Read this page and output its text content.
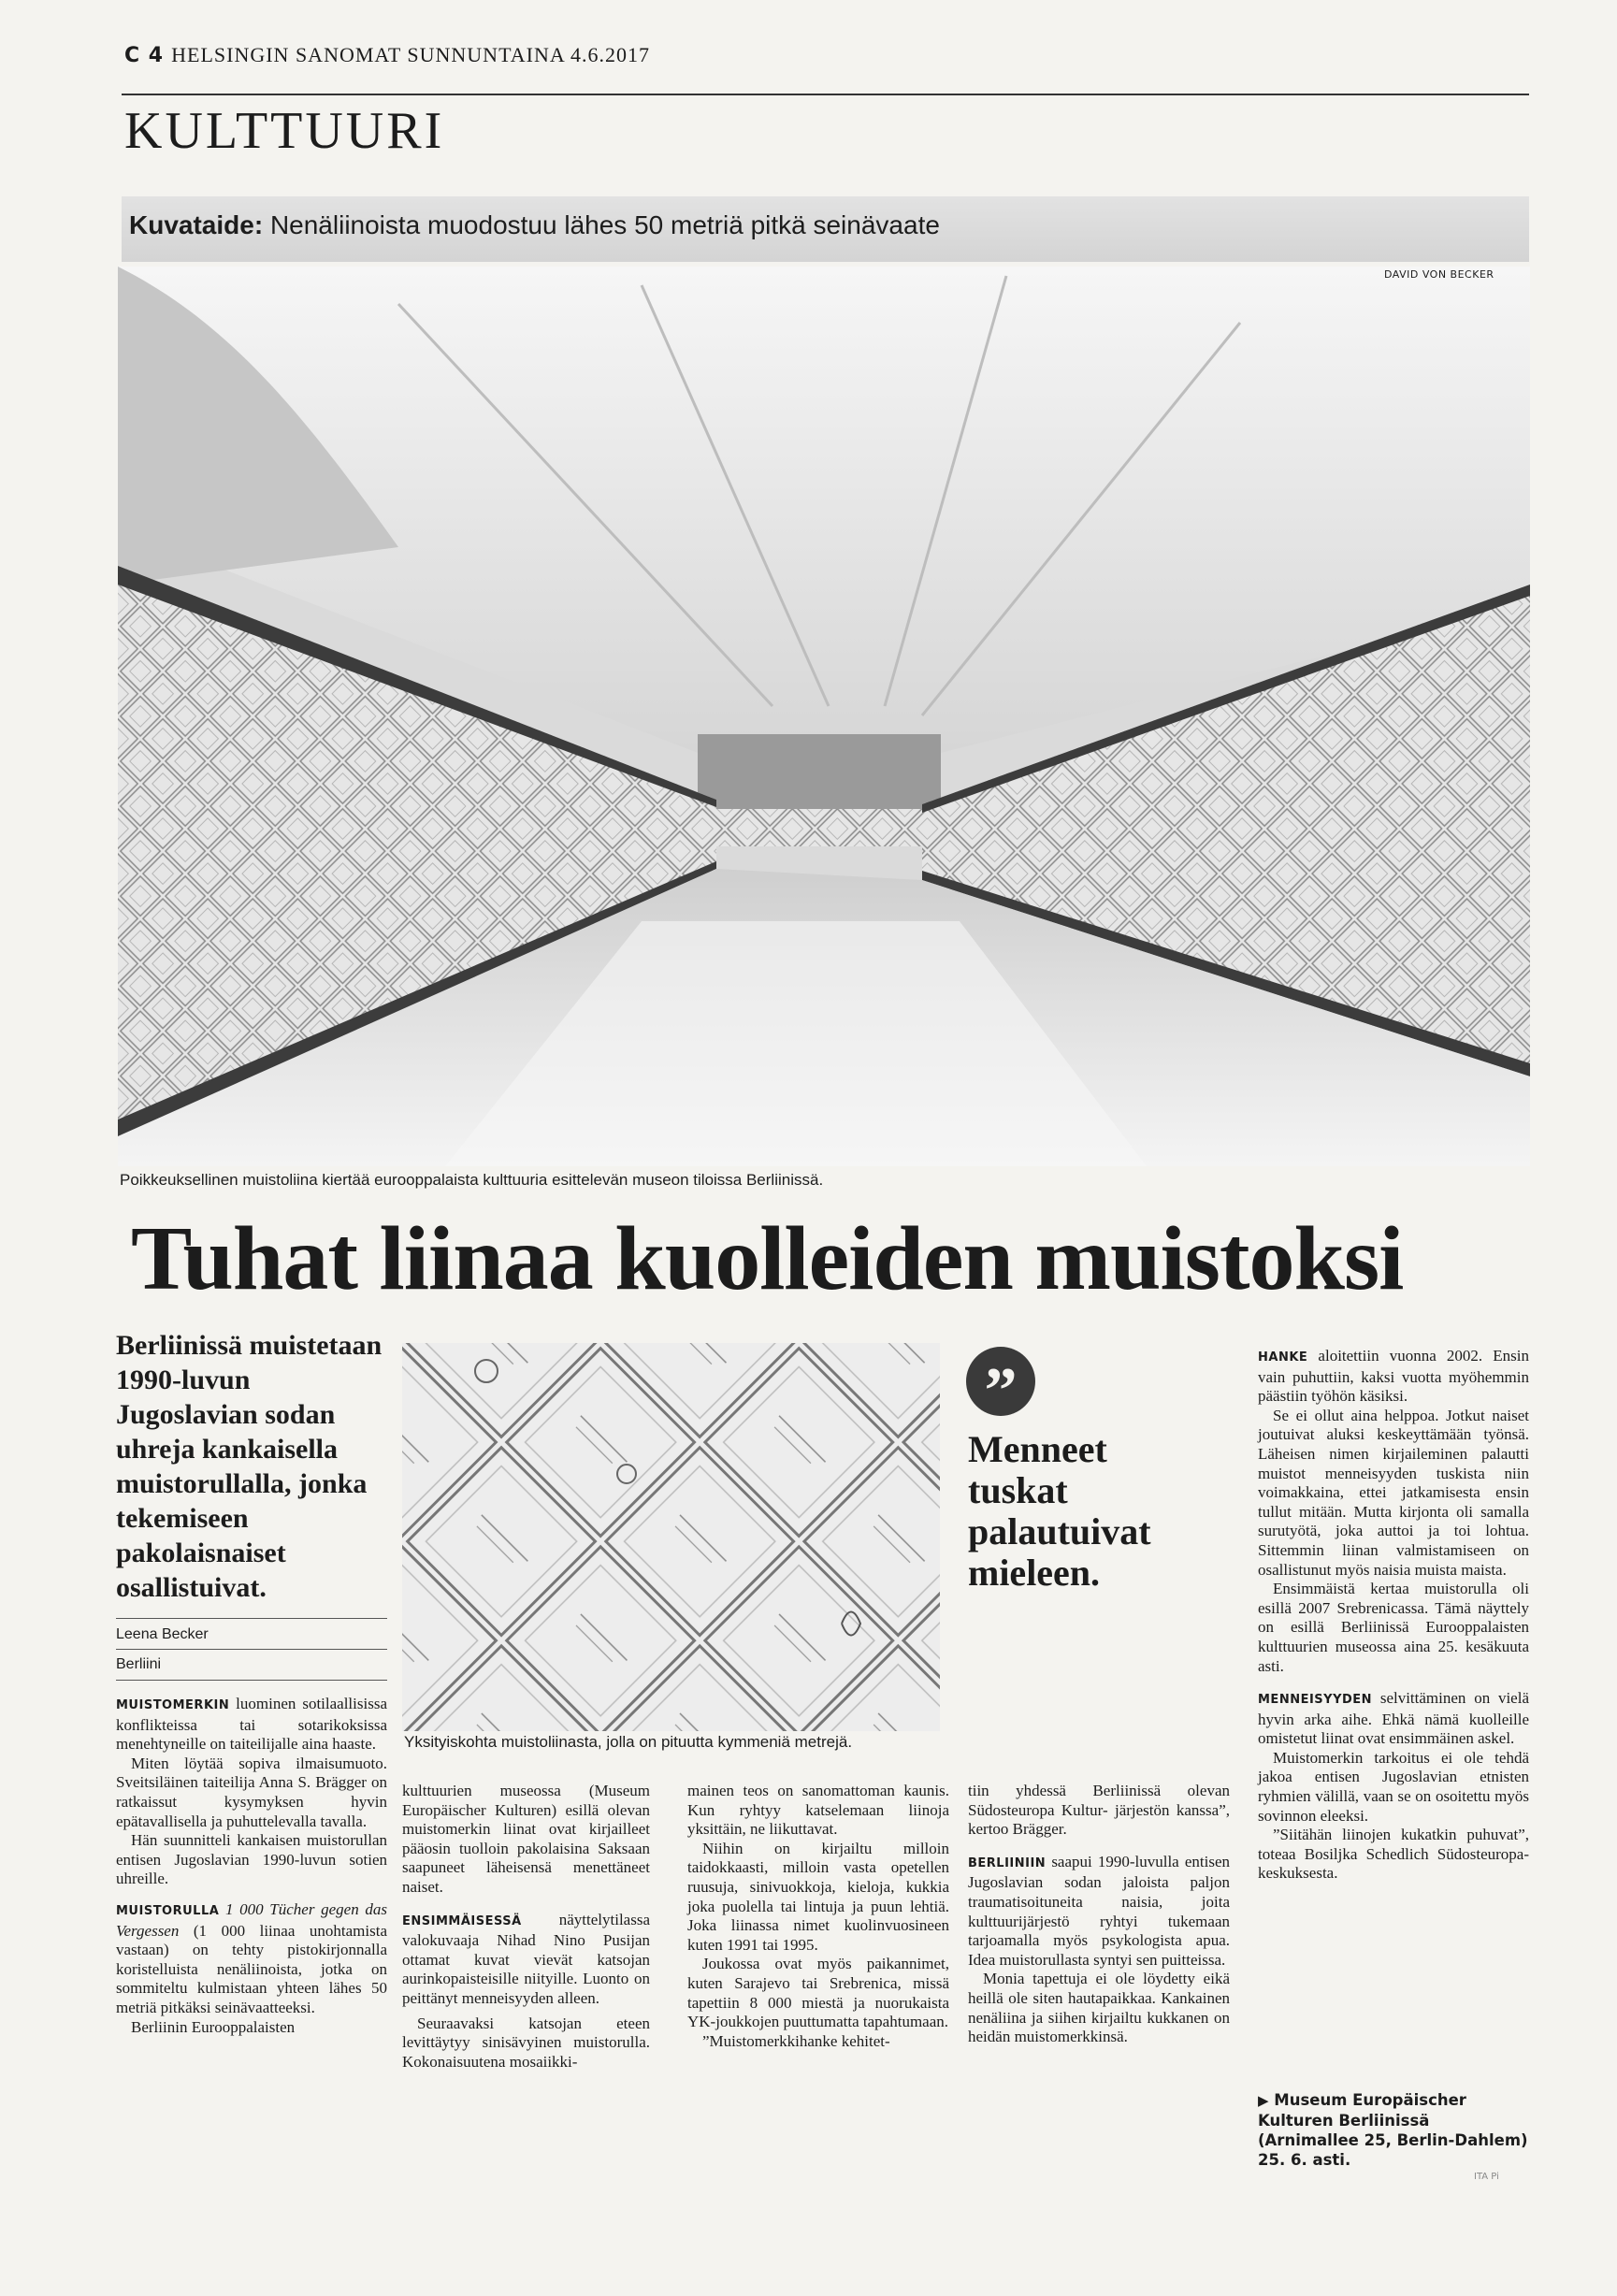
C 4 HELSINGIN SANOMAT SUNNUNTAINA 4.6.2017
KULTTUURI
Kuvataide: Nenäliinoista muodostuu lähes 50 metriä pitkä seinävaate
DAVID VON BECKER
Poikkeuksellinen muistoliina kiertää eurooppalaista kulttuuria esittelevän museon tiloissa Berliinissä.
Tuhat liinaa kuolleiden muistoksi
Berliinissä muistetaan 1990-luvun Jugoslavian sodan uhreja kankaisella muistorullalla, jonka tekemiseen pakolaisnaiset osallistuivat.
Leena Becker
Berliini

MUISTOMERKIN luominen sotilaallisissa konflikteissa tai sotarikoksissa menehtyneille on taiteilijalle aina haaste.

Miten löytää sopiva ilmaisumuoto. Sveitsiläinen taiteilija Anna S. Brägger on ratkaissut kysymyksen hyvin epätavallisella ja puhuttelevalla tavalla.

Hän suunnitteli kankaisen muistorullan entisen Jugoslavian 1990-luvun sotien uhreille.

MUISTORULLA 1 000 Tücher gegen das Vergessen (1 000 liinaa unohtamista vastaan) on tehty pistokirjonnalla koristelluista nenäliinoista, jotka on sommiteltu kulmistaan yhteen lähes 50 metriä pitkäksi seinävaatteeksi.

Berliinin Eurooppalaisten

Yksityiskohta muistoliinasta, jolla on pituutta kymmeniä metrejä.
”
Menneet tuskat palautuivat mieleen.

kulttuurien museossa (Museum Europäischer Kulturen) esillä olevan muistomerkin liinat ovat kirjailleet pääosin tuolloin pakolaisina Saksaan saapuneet läheisensä menettäneet naiset.

ENSIMMÄISESSÄ näyttelytilassa valokuvaaja Nihad Nino Pusijan ottamat kuvat vievät katsojan aurinkopaisteisille niityille. Luonto on peittänyt menneisyyden alleen.

Seuraavaksi katsojan eteen levittäytyy sinisävyinen muistorulla. Kokonaisuutena mosaiikki-

mainen teos on sanomattoman kaunis. Kun ryhtyy katselemaan liinoja yksittäin, ne liikuttavat.

Niihin on kirjailtu milloin taidokkaasti, milloin vasta opetellen ruusuja, sinivuokkoja, kieloja, kukkia joka puolella tai lintuja ja puun lehtiä. Joka liinassa nimet kuolinvuosineen kuten 1991 tai 1995.

Joukossa ovat myös paikannimet, kuten Sarajevo tai Srebrenica, missä tapettiin 8 000 miestä ja nuorukaista YK-joukkojen puuttumatta tapahtumaan.

”Muistomerkkihanke kehitet-

tiin yhdessä Berliinissä olevan Südosteuropa Kultur- järjestön kanssa”, kertoo Brägger.

BERLIINIIN saapui 1990-luvulla entisen Jugoslavian sodan jaloista paljon traumatisoituneita naisia, joita kulttuurijärjestö ryhtyi tukemaan tarjoamalla myös psykologista apua. Idea muistorullasta syntyi sen puitteissa.

Monia tapettuja ei ole löydetty eikä heillä ole siten hautapaikkaa. Kankainen nenäliina ja siihen kirjailtu kukkanen on heidän muistomerkkinsä.

HANKE aloitettiin vuonna 2002. Ensin vain puhuttiin, kaksi vuotta myöhemmin päästiin työhön käsiksi.

Se ei ollut aina helppoa. Jotkut naiset joutuivat aluksi keskeyttämään työnsä. Läheisen nimen kirjaileminen palautti muistot menneisyyden tuskista niin voimakkaina, ettei jatkamisesta ensin tullut mitään. Mutta kirjonta oli samalla surutyötä, joka auttoi ja toi lohtua. Sittemmin liinan valmistamiseen on osallistunut myös naisia muista maista.

Ensimmäistä kertaa muistorulla oli esillä 2007 Srebrenicassa. Tämä näyttely on esillä Berliinissä Eurooppalaisten kulttuurien museossa aina 25. kesäkuuta asti.

MENNEISYYDEN selvittäminen on vielä hyvin arka aihe. Ehkä nämä kuolleille omistetut liinat ovat ensimmäinen askel.

Muistomerkin tarkoitus ei ole tehdä jakoa entisen Jugoslavian etnisten ryhmien välillä, vaan se on osoitettu myös sovinnon eleeksi.

”Siitähän liinojen kukatkin puhuvat”, toteaa Bosiljka Schedlich Südosteuropa-keskuksesta.

▶ Museum Europäischer Kulturen Berliinissä (Arnimallee 25, Berlin-Dahlem) 25. 6. asti.
ITA Pi
